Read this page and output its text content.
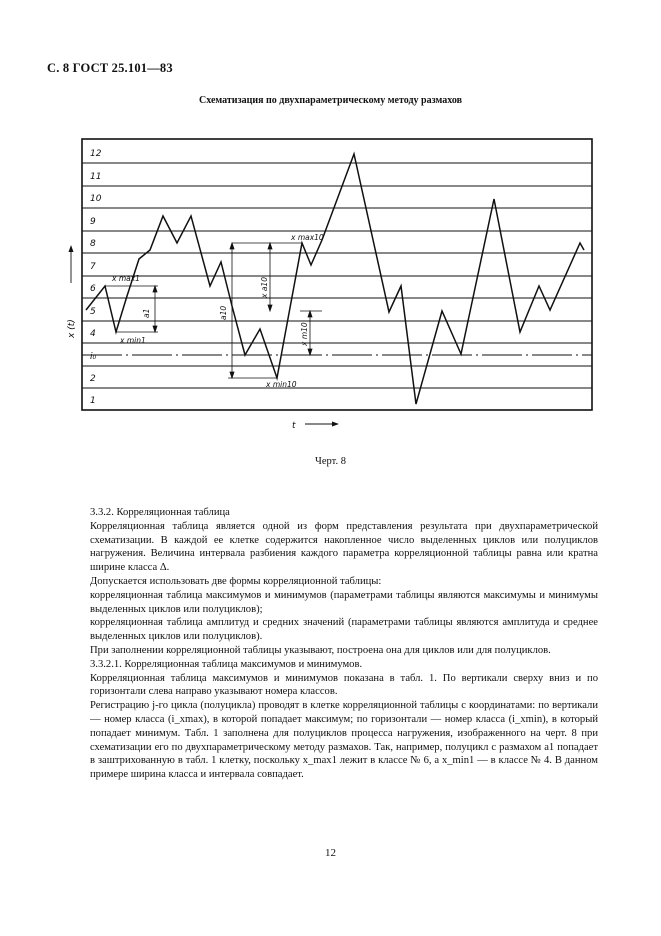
С. 8 ГОСТ 25.101—83
Схематизация по двухпараметрическому методу размахов
12
11
10
9
8
7
6
5
4
i₀
2
1
x (t)
t
x max1
x min1
a1	a10
x a10
x max10
x min10
x m10
Черт. 8

3.3.2. Корреляционная таблица

Корреляционная таблица является одной из форм представления результата при двухпараметрической схематизации. В каждой ее клетке содержится накопленное число выделенных циклов или полуциклов нагружения. Величина интервала разбиения каждого параметра корреляционной таблицы равна или кратна ширине класса Δ.

Допускается использовать две формы корреляционной таблицы:

корреляционная таблица максимумов и минимумов (параметрами таблицы являются максимумы и минимумы выделенных циклов или полуциклов);

корреляционная таблица амплитуд и средних значений (параметрами таблицы являются амплитуда и среднее выделенных циклов или полуциклов).

При заполнении корреляционной таблицы указывают, построена она для циклов или для полуциклов.

3.3.2.1. Корреляционная таблица максимумов и минимумов.

Корреляционная таблица максимумов и минимумов показана в табл. 1. По вертикали сверху вниз и по горизонтали слева направо указывают номера классов.

Регистрацию j-го цикла (полуцикла) проводят в клетке корреляционной таблицы с координатами: по вертикали — номер класса (i_xmax), в которой попадает максимум; по горизонтали — номер класса (i_xmin), в который попадает минимум. Табл. 1 заполнена для полуциклов процесса нагружения, изображенного на черт. 8 при схематизации его по двухпараметрическому методу размахов. Так, например, полуцикл с размахом a1 попадает в заштрихованную в табл. 1 клетку, поскольку x_max1 лежит в классе № 6, а x_min1 — в классе № 4. В данном примере ширина класса и интервала совпадает.

12
